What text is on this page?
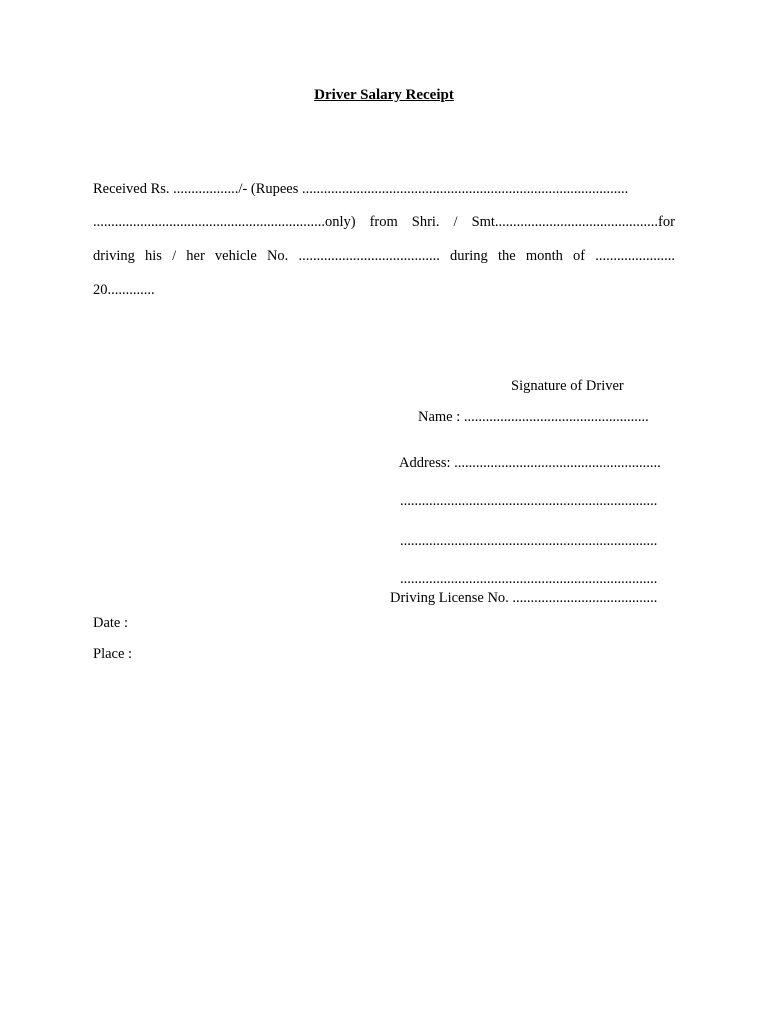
Driver Salary Receipt
Received Rs. ................../- (Rupees ..........................................................................................
................................................................only) from Shri. / Smt.............................................for
driving his / her vehicle No. ....................................... during the month of ......................
20.............
Signature of Driver
Name : ...................................................
Address: .........................................................
.......................................................................
.......................................................................
.......................................................................
Driving License No. ........................................
Date :
Place :
